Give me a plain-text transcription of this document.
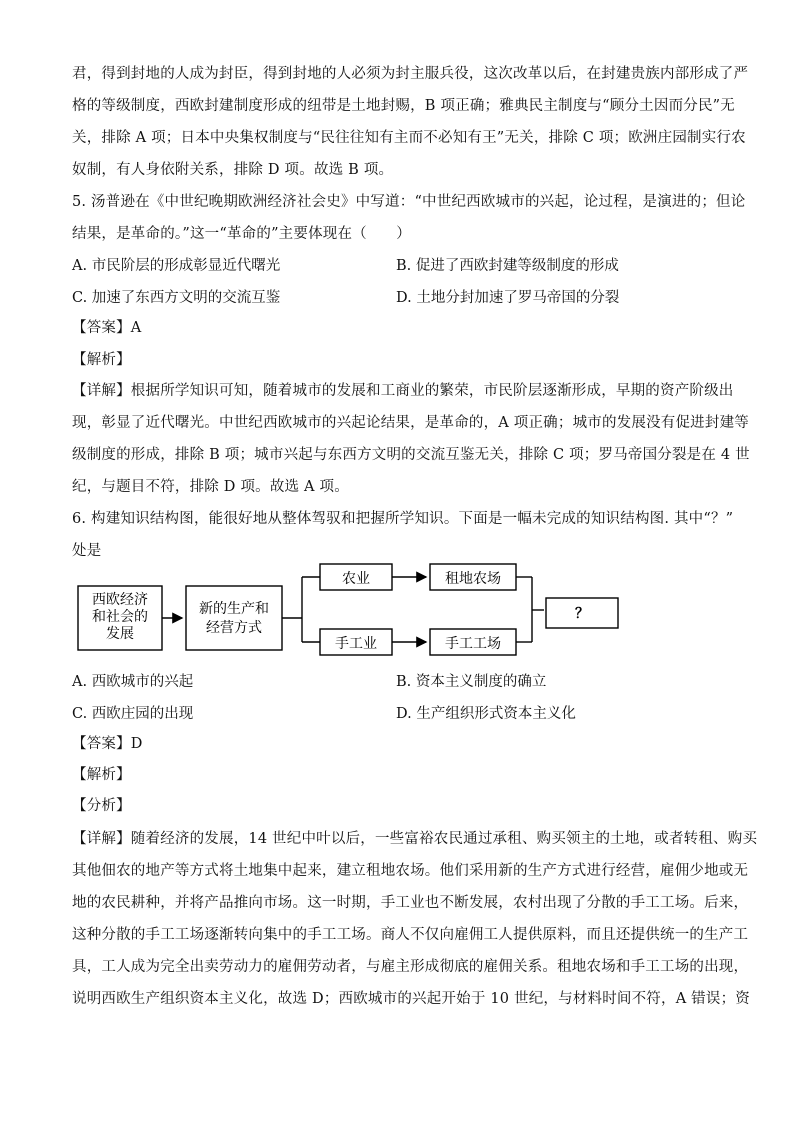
君，得到封地的人成为封臣，得到封地的人必须为封主服兵役，这次改革以后，在封建贵族内部形成了严
格的等级制度，西欧封建制度形成的纽带是土地封赐，B 项正确；雅典民主制度与“顾分土因而分民”无
关，排除 A 项；日本中央集权制度与“民往往知有主而不必知有王”无关，排除 C 项；欧洲庄园制实行农
奴制，有人身依附关系，排除 D 项。故选 B 项。
5. 汤普逊在《中世纪晚期欧洲经济社会史》中写道：“中世纪西欧城市的兴起，论过程，是演进的；但论
结果，是革命的。”这一“革命的”主要体现在（　　）
A. 市民阶层的形成彰显近代曙光	B. 促进了西欧封建等级制度的形成
C. 加速了东西方文明的交流互鉴	D. 土地分封加速了罗马帝国的分裂
【答案】A
【解析】
【详解】根据所学知识可知，随着城市的发展和工商业的繁荣，市民阶层逐渐形成，早期的资产阶级出
现，彰显了近代曙光。中世纪西欧城市的兴起论结果，是革命的，A 项正确；城市的发展没有促进封建等
级制度的形成，排除 B 项；城市兴起与东西方文明的交流互鉴无关，排除 C 项；罗马帝国分裂是在 4 世
纪，与题目不符，排除 D 项。故选 A 项。
6. 构建知识结构图，能很好地从整体驾驭和把握所学知识。下面是一幅未完成的知识结构图. 其中“？”
处是
西欧经济
和社会的
发展
新的生产和
经营方式
农业	租地农场
手工业	手工工场
？
A. 西欧城市的兴起	B. 资本主义制度的确立
C. 西欧庄园的出现	D. 生产组织形式资本主义化
【答案】D
【解析】
【分析】
【详解】随着经济的发展，14 世纪中叶以后，一些富裕农民通过承租、购买领主的土地，或者转租、购买
其他佃农的地产等方式将土地集中起来，建立租地农场。他们采用新的生产方式进行经营，雇佣少地或无
地的农民耕种，并将产品推向市场。这一时期，手工业也不断发展，农村出现了分散的手工工场。后来，
这种分散的手工工场逐渐转向集中的手工工场。商人不仅向雇佣工人提供原料，而且还提供统一的生产工
具，工人成为完全出卖劳动力的雇佣劳动者，与雇主形成彻底的雇佣关系。租地农场和手工工场的出现，
说明西欧生产组织资本主义化，故选 D；西欧城市的兴起开始于 10 世纪，与材料时间不符，A 错误；资
